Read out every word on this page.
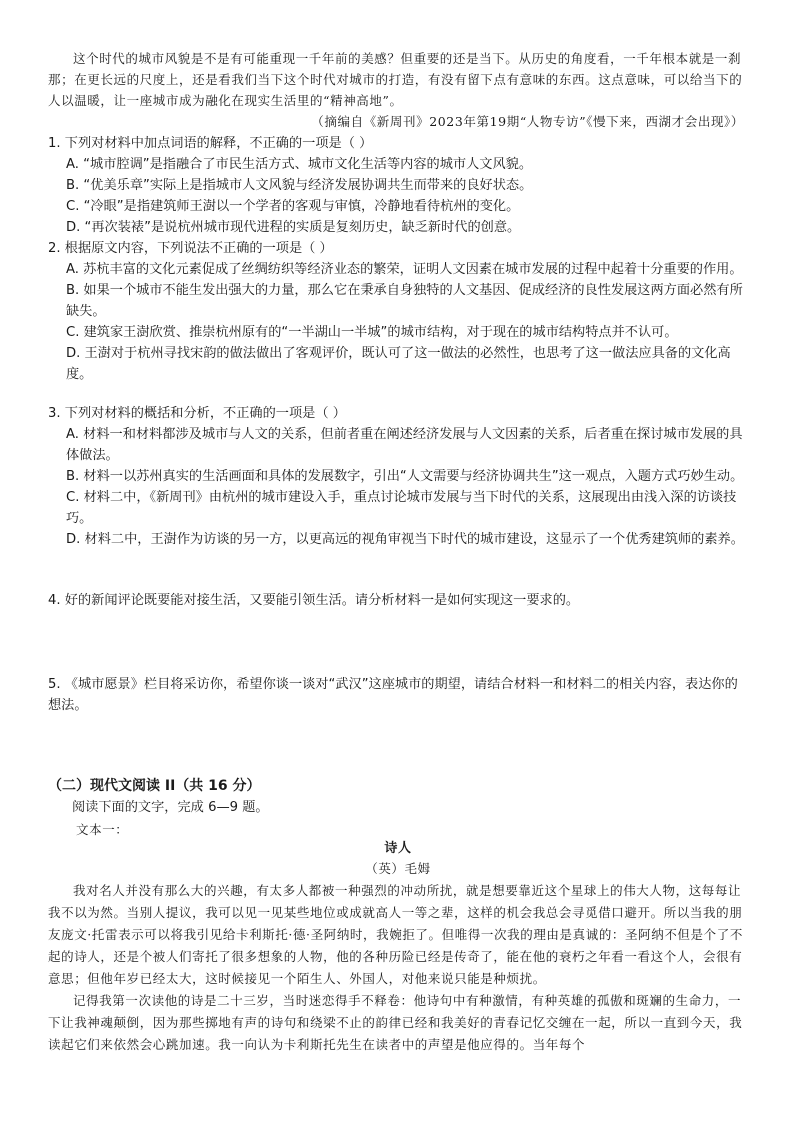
这个时代的城市风貌是不是有可能重现一千年前的美感？但重要的还是当下。从历史的角度看，一千年根本就是一刹那；在更长远的尺度上，还是看我们当下这个时代对城市的打造，有没有留下点有意味的东西。这点意味，可以给当下的人以温暖，让一座城市成为融化在现实生活里的“精神高地”。

（摘编自《新周刊》2023年第19期“人物专访”《慢下来，西湖才会出现》）

1. 下列对材料中加点词语的解释，不正确的一项是（ ）

A. “城市腔调”是指融合了市民生活方式、城市文化生活等内容的城市人文风貌。

B. “优美乐章”实际上是指城市人文风貌与经济发展协调共生而带来的良好状态。

C. “冷眼”是指建筑师王澍以一个学者的客观与审慎，冷静地看待杭州的变化。

D. “再次装裱”是说杭州城市现代进程的实质是复刻历史，缺乏新时代的创意。

2. 根据原文内容，下列说法不正确的一项是（ ）

A. 苏杭丰富的文化元素促成了丝绸纺织等经济业态的繁荣，证明人文因素在城市发展的过程中起着十分重要的作用。

B. 如果一个城市不能生发出强大的力量，那么它在秉承自身独特的人文基因、促成经济的良性发展这两方面必然有所缺失。

C. 建筑家王澍欣赏、推崇杭州原有的“一半湖山一半城”的城市结构，对于现在的城市结构特点并不认可。

D. 王澍对于杭州寻找宋韵的做法做出了客观评价，既认可了这一做法的必然性，也思考了这一做法应具备的文化高度。

3. 下列对材料的概括和分析，不正确的一项是（ ）

A. 材料一和材料都涉及城市与人文的关系，但前者重在阐述经济发展与人文因素的关系，后者重在探讨城市发展的具体做法。

B. 材料一以苏州真实的生活画面和具体的发展数字，引出“人文需要与经济协调共生”这一观点，入题方式巧妙生动。

C. 材料二中，《新周刊》由杭州的城市建设入手，重点讨论城市发展与当下时代的关系，这展现出由浅入深的访谈技巧。

D. 材料二中，王澍作为访谈的另一方，以更高远的视角审视当下时代的城市建设，这显示了一个优秀建筑师的素养。

4. 好的新闻评论既要能对接生活，又要能引领生活。请分析材料一是如何实现这一要求的。

5. 《城市愿景》栏目将采访你，希望你谈一谈对“武汉”这座城市的期望，请结合材料一和材料二的相关内容，表达你的想法。

（二）现代文阅读 II（共 16 分）

阅读下面的文字，完成 6—9 题。

文本一：

诗人

（英）毛姆

我对名人并没有那么大的兴趣，有太多人都被一种强烈的冲动所扰，就是想要靠近这个星球上的伟大人物，这每每让我不以为然。当别人提议，我可以见一见某些地位或成就高人一等之辈，这样的机会我总会寻觅借口避开。所以当我的朋友庞文·托雷表示可以将我引见给卡利斯托·德·圣阿纳时，我婉拒了。但唯得一次我的理由是真诚的：圣阿纳不但是个了不起的诗人，还是个被人们寄托了很多想象的人物，他的各种历险已经是传奇了，能在他的衰朽之年看一看这个人，会很有意思；但他年岁已经太大，这时候接见一个陌生人、外国人，对他来说只能是种烦扰。

记得我第一次读他的诗是二十三岁，当时迷恋得手不释卷：他诗句中有种激情，有种英雄的孤傲和斑斓的生命力，一下让我神魂颠倒，因为那些掷地有声的诗句和绕梁不止的韵律已经和我美好的青春记忆交缠在一起，所以一直到今天，我读起它们来依然会心跳加速。我一向认为卡利斯托先生在读者中的声望是他应得的。当年每个
